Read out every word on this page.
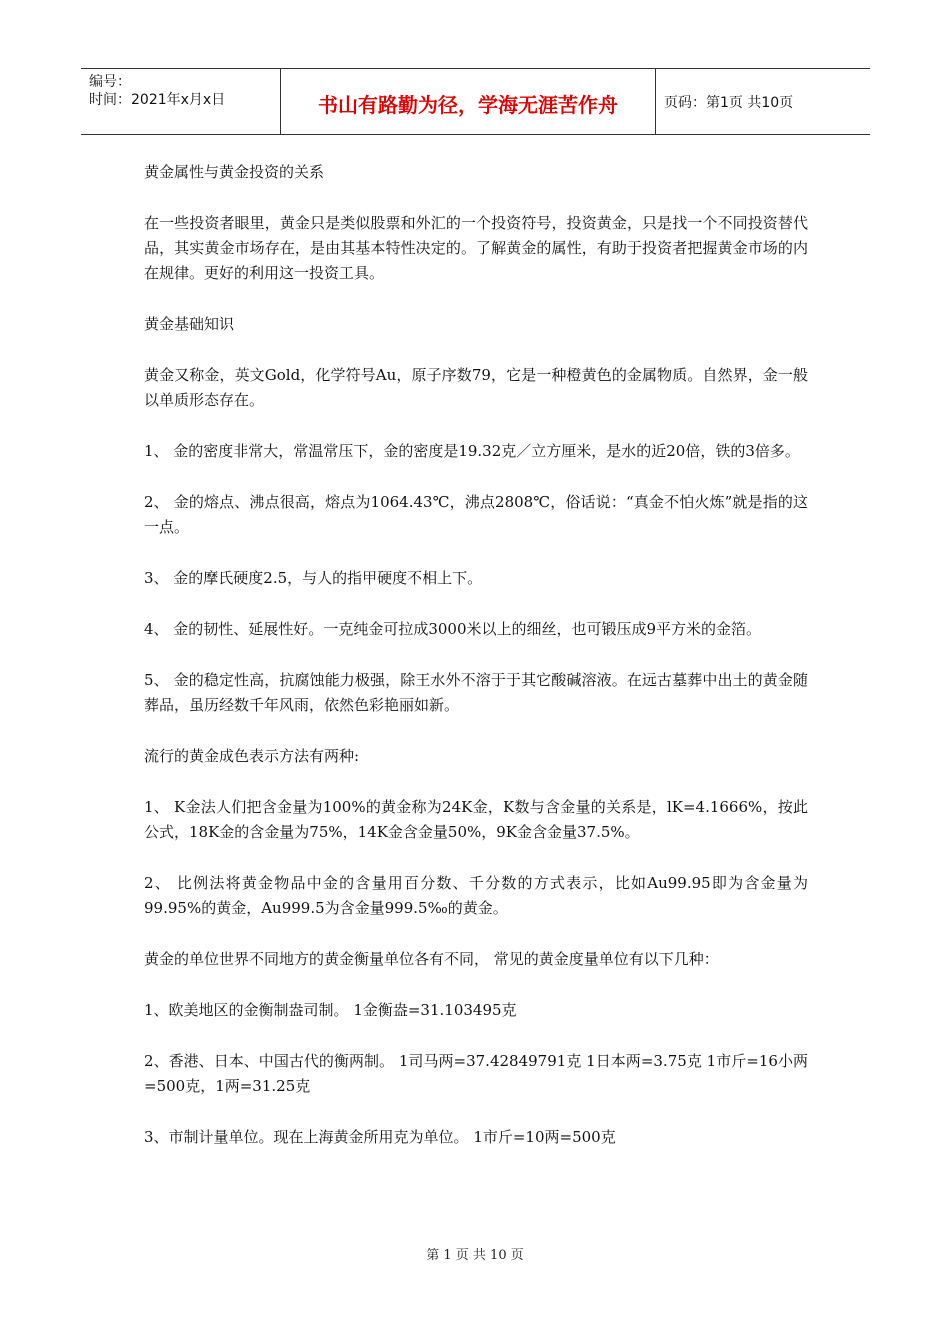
编号：
时间：2021年x月x日	书山有路勤为径，学海无涯苦作舟	页码：第1页 共10页

黄金属性与黄金投资的关系

在一些投资者眼里，黄金只是类似股票和外汇的一个投资符号，投资黄金，只是找一个不同投资替代品，其实黄金市场存在，是由其基本特性决定的。了解黄金的属性，有助于投资者把握黄金市场的内在规律。更好的利用这一投资工具。

黄金基础知识

黄金又称金，英文Gold，化学符号Au，原子序数79，它是一种橙黄色的金属物质。自然界，金一般以单质形态存在。

1、 金的密度非常大，常温常压下，金的密度是19.32克／立方厘米，是水的近20倍，铁的3倍多。

2、 金的熔点、沸点很高，熔点为1064.43℃，沸点2808℃，俗话说：“真金不怕火炼”就是指的这一点。

3、 金的摩氏硬度2.5，与人的指甲硬度不相上下。

4、 金的韧性、延展性好。一克纯金可拉成3000米以上的细丝，也可锻压成9平方米的金箔。

5、 金的稳定性高，抗腐蚀能力极强，除王水外不溶于于其它酸碱溶液。在远古墓葬中出土的黄金随葬品，虽历经数千年风雨，依然色彩艳丽如新。

流行的黄金成色表示方法有两种:

1、 K金法人们把含金量为100%的黄金称为24K金，K数与含金量的关系是，lK=4.1666%，按此公式，18K金的含金量为75%，14K金含金量50%，9K金含金量37.5%。

2、 比例法将黄金物品中金的含量用百分数、千分数的方式表示，比如Au99.95即为含金量为99.95%的黄金，Au999.5为含金量999.5‰的黄金。

黄金的单位世界不同地方的黄金衡量单位各有不同， 常见的黄金度量单位有以下几种：

1、欧美地区的金衡制盎司制。 1金衡盎=31.103495克

2、香港、日本、中国古代的衡两制。 1司马两=37.42849791克 1日本两=3.75克 1市斤=16小两=500克，1两=31.25克

3、市制计量单位。现在上海黄金所用克为单位。 1市斤=10两=500克

第 1 页 共 10 页
